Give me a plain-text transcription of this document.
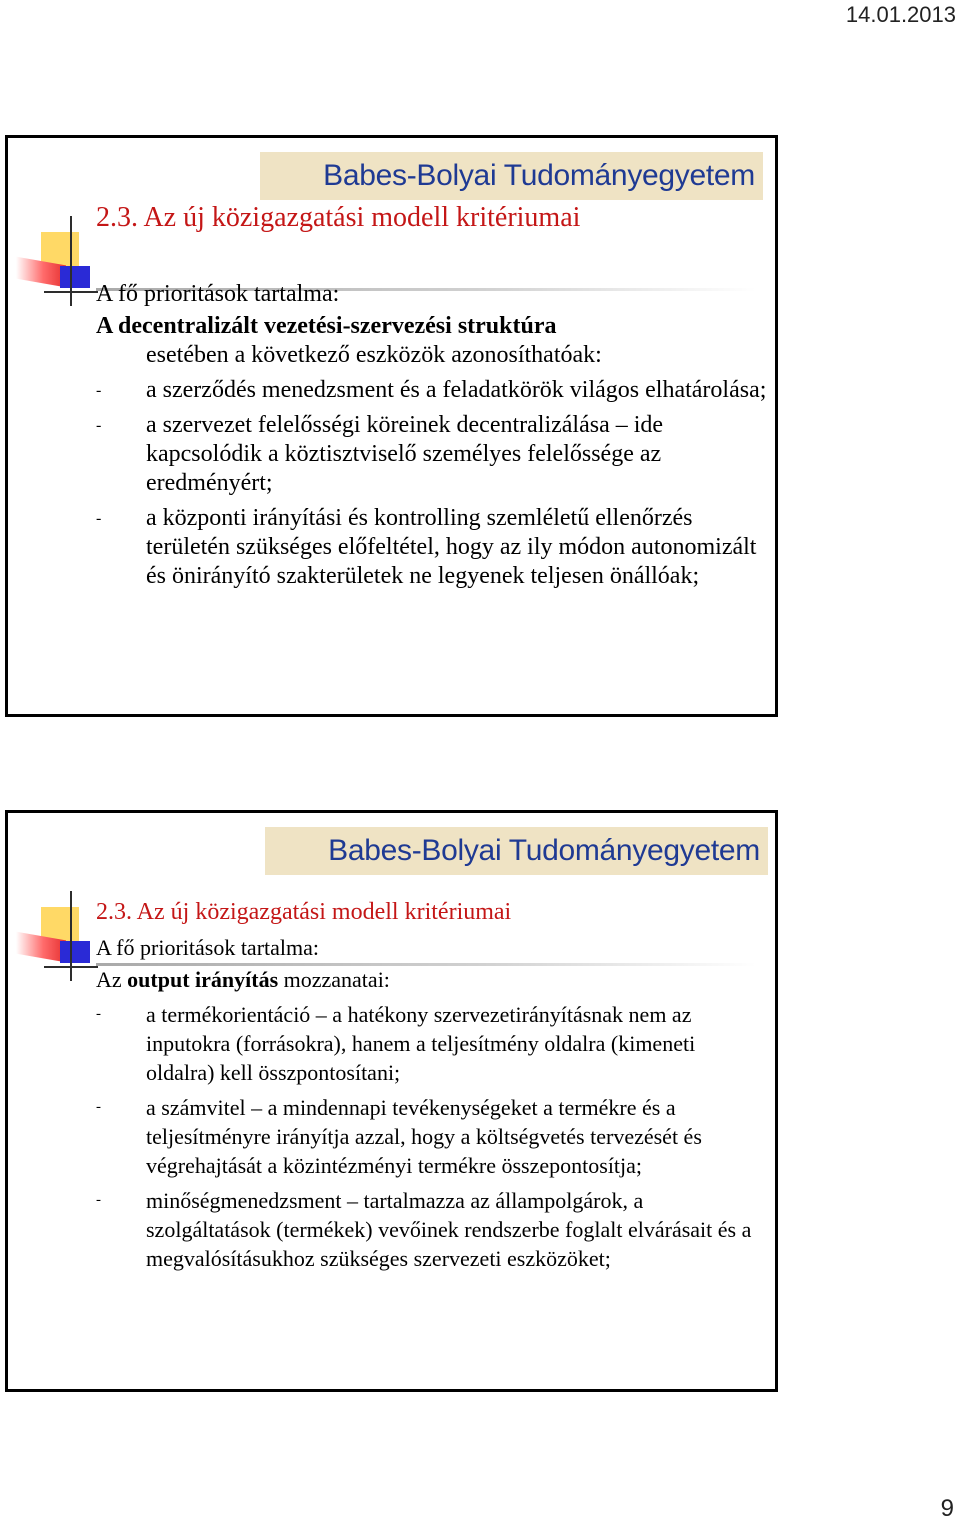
14.01.2013
Babes-Bolyai Tudományegyetem
2.3. Az új közigazgatási modell kritériumai
A fő prioritások tartalma:
A decentralizált vezetési-szervezési struktúra
esetében a következő eszközök azonosíthatóak:
- a szerződés menedzsment és a feladatkörök világos elhatárolása;
- a szervezet felelősségi köreinek decentralizálása – ide kapcsolódik a köztisztviselő személyes felelőssége az eredményért;
- a központi irányítási és kontrolling szemléletű ellenőrzés területén szükséges előfeltétel, hogy az ily módon autonomizált és önirányító szakterületek ne legyenek teljesen önállóak;
Babes-Bolyai Tudományegyetem
2.3. Az új közigazgatási modell kritériumai
A fő prioritások tartalma:
Az output irányítás mozzanatai:
- a termékorientáció – a hatékony szervezetirányításnak nem az inputokra (forrásokra), hanem a teljesítmény oldalra (kimeneti oldalra) kell összpontosítani;
- a számvitel – a mindennapi tevékenységeket a termékre és a teljesítményre irányítja azzal, hogy a költségvetés tervezését és végrehajtását a közintézményi termékre összepontosítja;
- minőségmenedzsment – tartalmazza az állampolgárok, a szolgáltatások (termékek) vevőinek rendszerbe foglalt elvárásait és a megvalósításukhoz szükséges szervezeti eszközöket;
9
